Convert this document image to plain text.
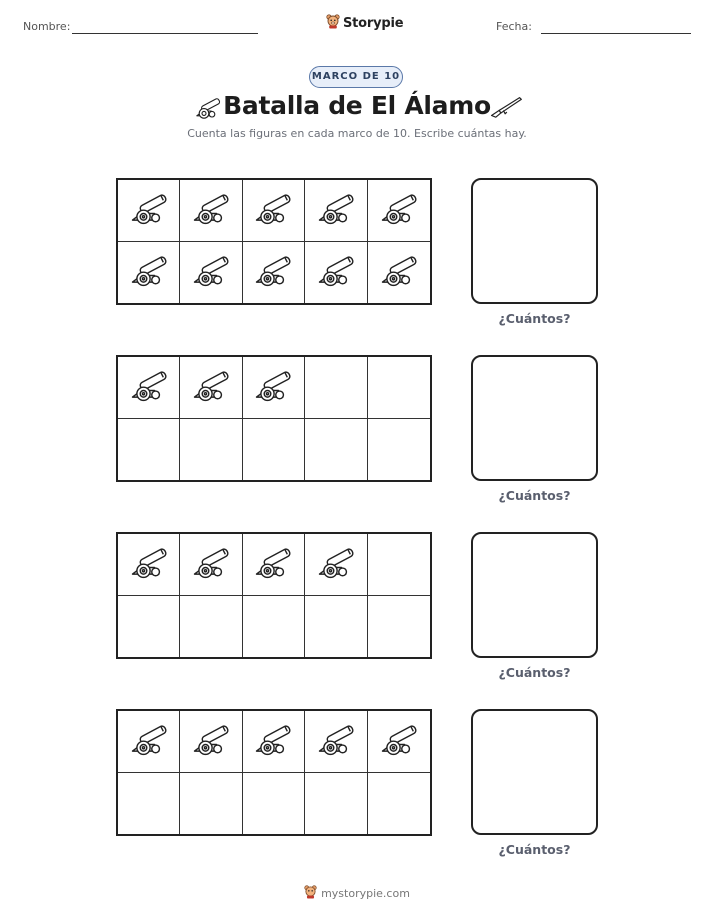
Nombre:	Storypie	Fecha:
MARCO DE 10
Batalla de El Álamo
Cuenta las figuras en cada marco de 10. Escribe cuántas hay.
¿Cuántos?
¿Cuántos?
¿Cuántos?
¿Cuántos?
mystorypie.com
